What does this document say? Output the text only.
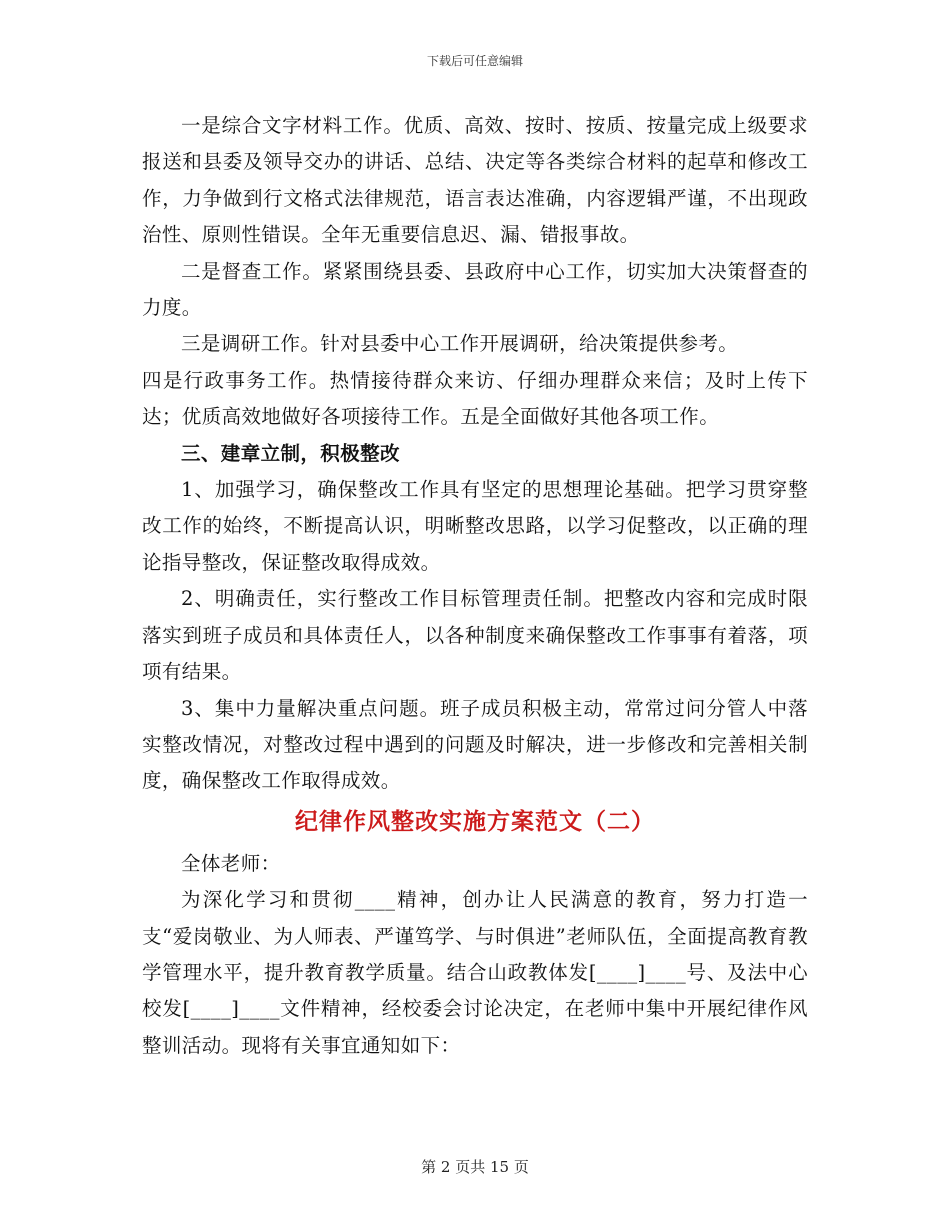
下载后可任意编辑

一是综合文字材料工作。优质、高效、按时、按质、按量完成上级要求报送和县委及领导交办的讲话、总结、决定等各类综合材料的起草和修改工作，力争做到行文格式法律规范，语言表达准确，内容逻辑严谨，不出现政治性、原则性错误。全年无重要信息迟、漏、错报事故。

二是督查工作。紧紧围绕县委、县政府中心工作，切实加大决策督查的力度。

三是调研工作。针对县委中心工作开展调研，给决策提供参考。

四是行政事务工作。热情接待群众来访、仔细办理群众来信；及时上传下达；优质高效地做好各项接待工作。五是全面做好其他各项工作。

三、建章立制，积极整改

1、加强学习，确保整改工作具有坚定的思想理论基础。把学习贯穿整改工作的始终，不断提高认识，明晰整改思路，以学习促整改，以正确的理论指导整改，保证整改取得成效。

2、明确责任，实行整改工作目标管理责任制。把整改内容和完成时限落实到班子成员和具体责任人，以各种制度来确保整改工作事事有着落，项项有结果。

3、集中力量解决重点问题。班子成员积极主动，常常过问分管人中落实整改情况，对整改过程中遇到的问题及时解决，进一步修改和完善相关制度，确保整改工作取得成效。

纪律作风整改实施方案范文（二）

全体老师：

为深化学习和贯彻____精神，创办让人民满意的教育，努力打造一支“爱岗敬业、为人师表、严谨笃学、与时俱进”老师队伍，全面提高教育教学管理水平，提升教育教学质量。结合山政教体发[____]____号、及法中心校发[____]____文件精神，经校委会讨论决定，在老师中集中开展纪律作风整训活动。现将有关事宜通知如下：

第 2 页共 15 页
